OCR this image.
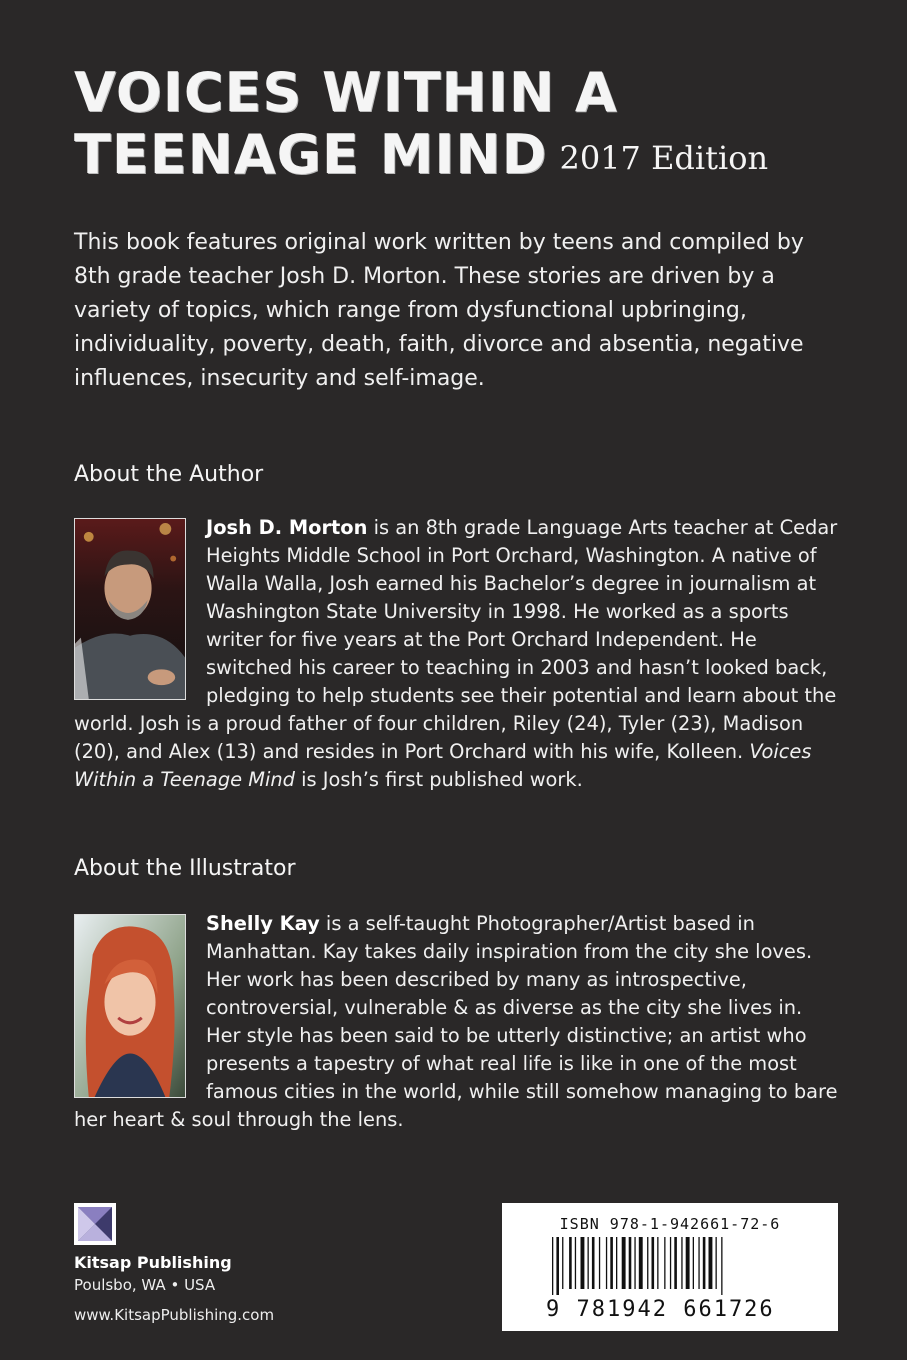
VOICES WITHIN A
TEENAGE MIND 2017 Edition

This book features original work written by teens and compiled by 8th grade teacher Josh D. Morton. These stories are driven by a variety of topics, which range from dysfunctional upbringing, individuality, poverty, death, faith, divorce and absentia, negative influences, insecurity and self-image.

About the Author
Josh D. Morton is an 8th grade Language Arts teacher at Cedar Heights Middle School in Port Orchard, Washington. A native of Walla Walla, Josh earned his Bachelor’s degree in journalism at Washington State University in 1998. He worked as a sports writer for five years at the Port Orchard Independent. He switched his career to teaching in 2003 and hasn’t looked back, pledging to help students see their potential and learn about the world. Josh is a proud father of four children, Riley (24), Tyler (23), Madison (20), and Alex (13) and resides in Port Orchard with his wife, Kolleen. Voices Within a Teenage Mind is Josh’s first published work.
About the Illustrator
Shelly Kay is a self-taught Photographer/Artist based in Manhattan. Kay takes daily inspiration from the city she loves. Her work has been described by many as introspective, controversial, vulnerable & as diverse as the city she lives in. Her style has been said to be utterly distinctive; an artist who presents a tapestry of what real life is like in one of the most famous cities in the world, while still somehow managing to bare her heart & soul through the lens.
Kitsap Publishing
Poulsbo, WA • USA
www.KitsapPublishing.com
ISBN 978-1-942661-72-6
9 781942 661726
